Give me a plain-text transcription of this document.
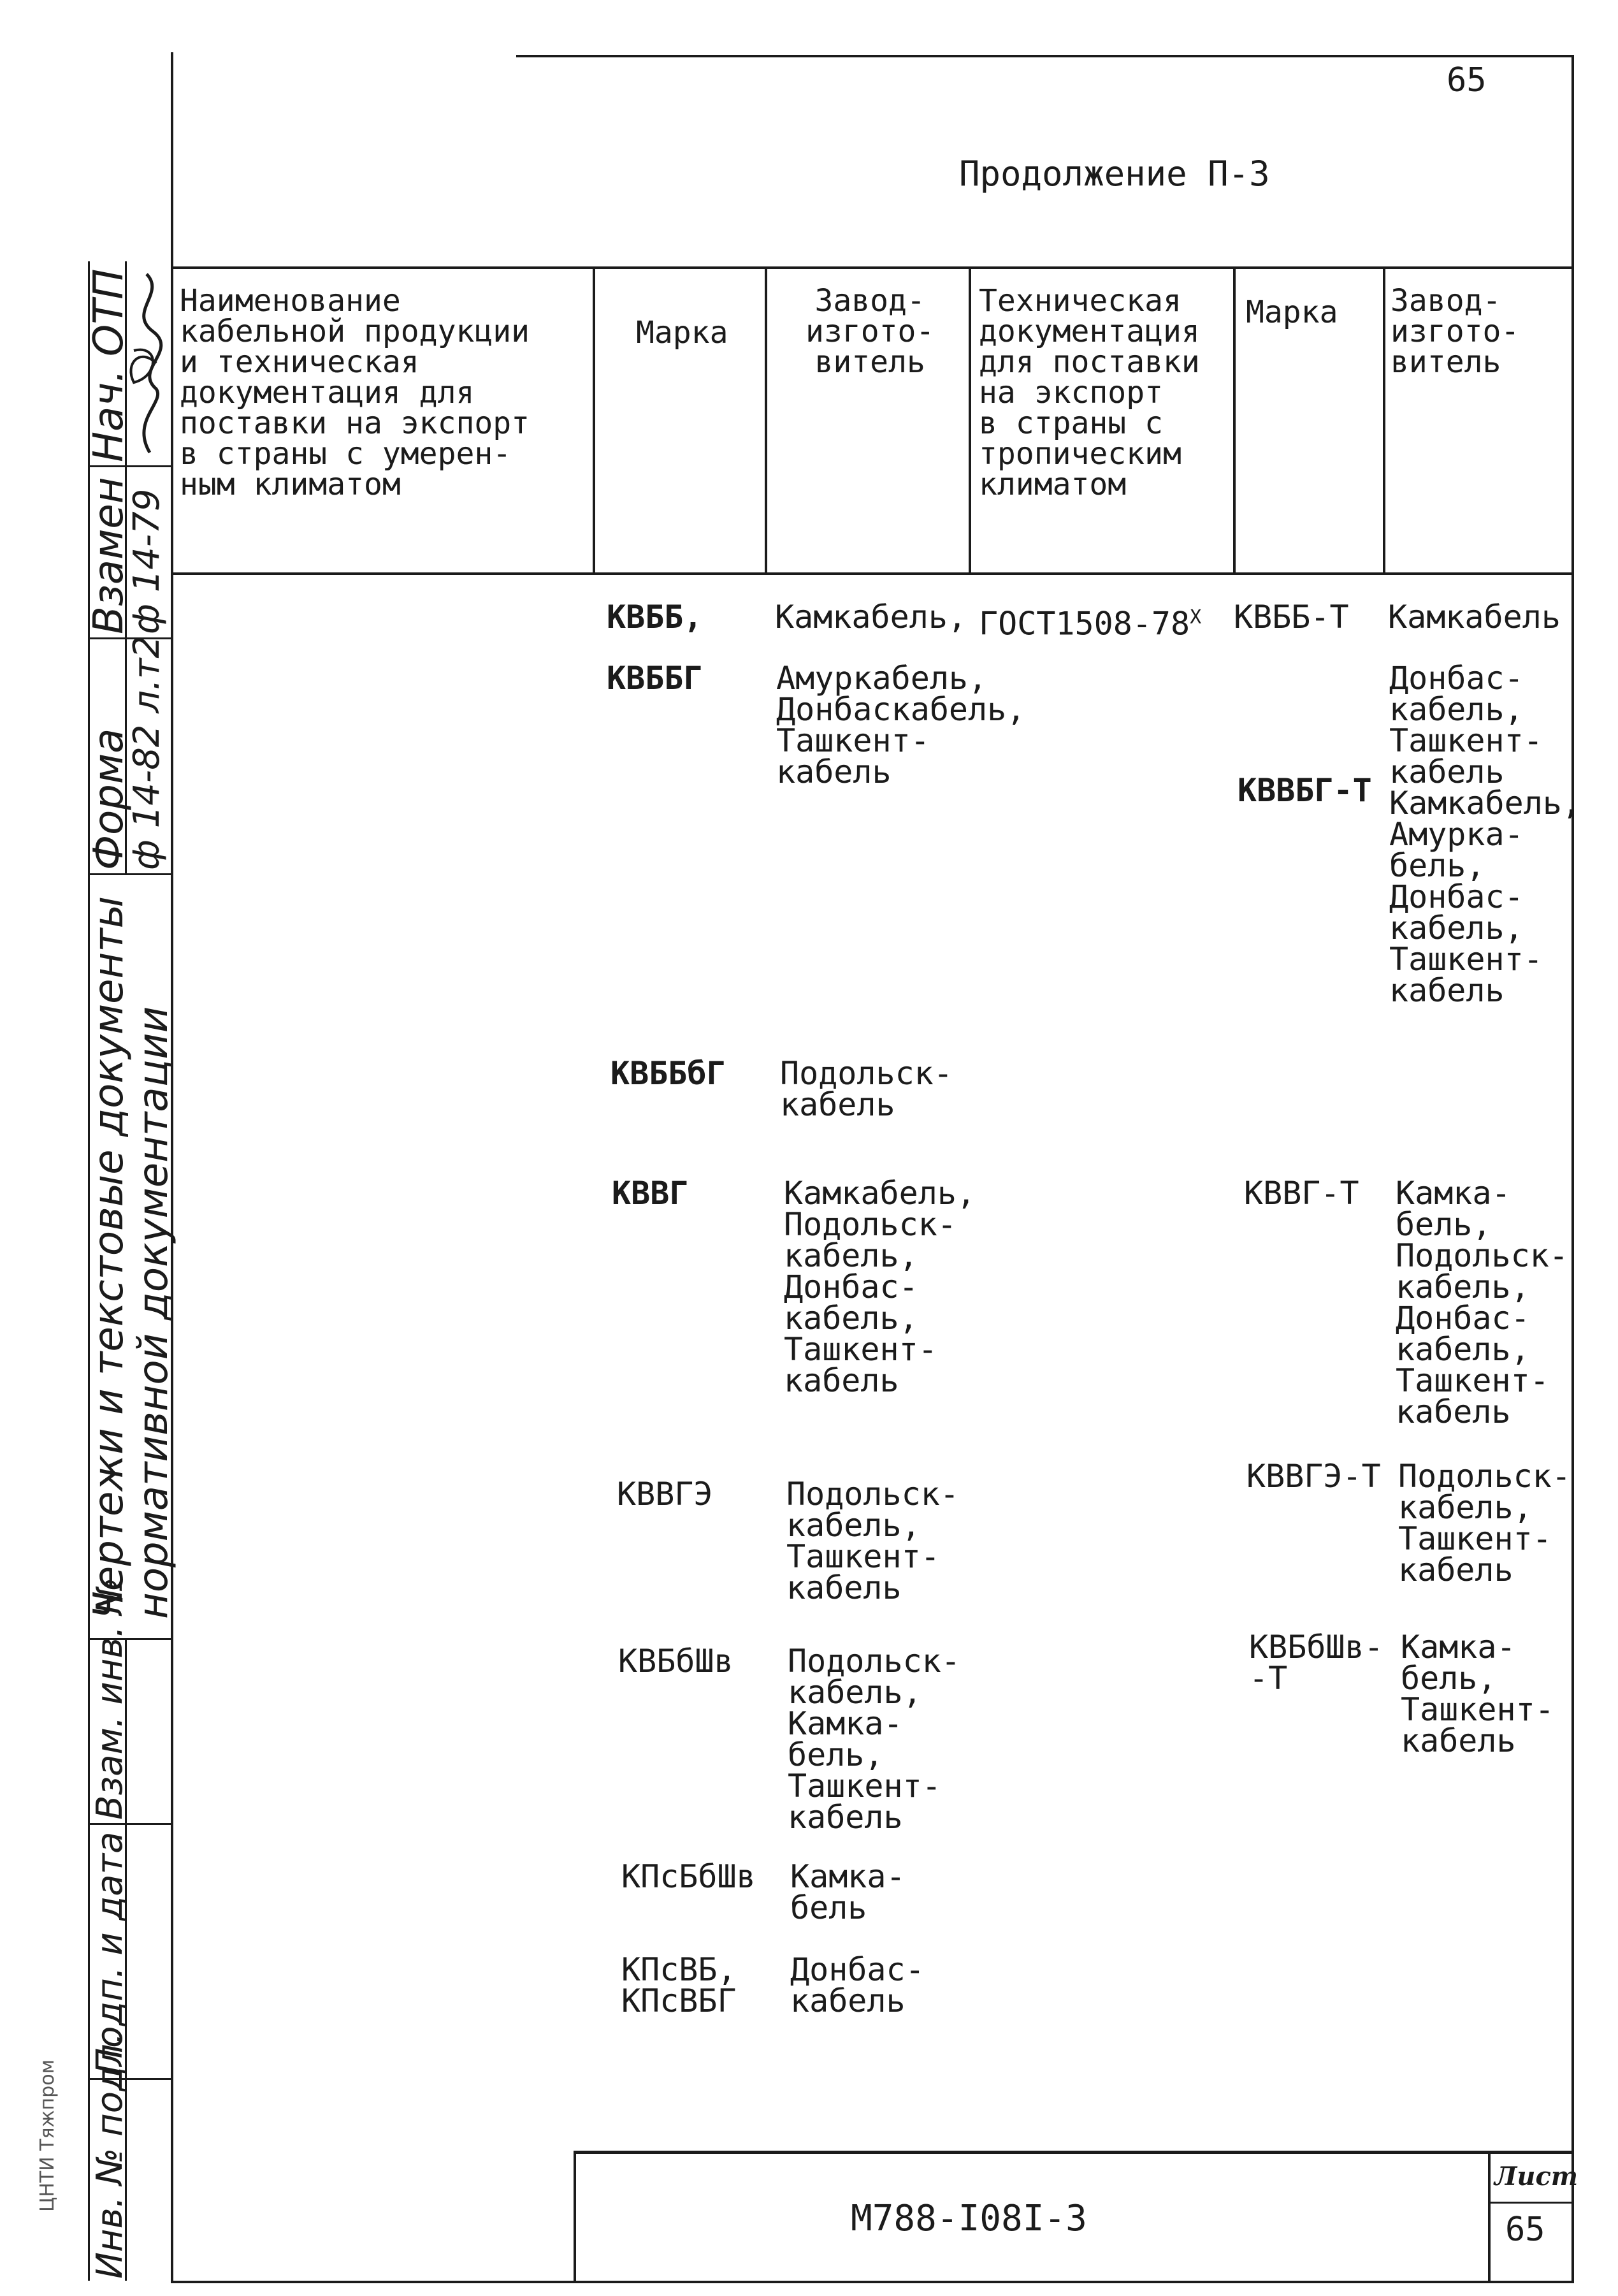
Нач. ОТП
Взамен
Форма
ф 14-79
ф 14-82 л.т2
Чертежи и текстовые документы
нормативной документации
Взам. инв. №
Подп. и дата
Инв. № подл.
ЦНТИ Тяжпром
65
Продолжение П-3
Наименование
кабельной продукции
и техническая
документация для
поставки на экспорт
в страны с умерен-
ным климатом
Марка
Завод-
изгото-
витель
Техническая
документация
для поставки
на экспорт
в страны с
тропическим
климатом
Марка Завод-
изгото-
витель
КВББ, Камкабель, $ГОСТ1508-78^Х$ КВББ-Т Камкабель
КВББГ Амуркабель,
Донбаскабель,
Ташкент-
кабель
Донбас-
кабель,
Ташкент-
кабель
КВВБГ-Т Камкабель,
Амурка-
бель,
Донбас-
кабель,
Ташкент-
кабель
КВББбГ Подольск-
кабель
КВВГ	Камкабель,
Подольск-
кабель,
Донбас-
кабель,
Ташкент-
кабель
КВВГ-Т Камка-
бель,
Подольск-
кабель,
Донбас-
кабель,
Ташкент-
кабель
КВВГЭ Подольск-
кабель,
Ташкент-
кабель
КВВГЭ-Т Подольск-
кабель,
Ташкент-
кабель
КВБбШв Подольск-
кабель,
Камка-
бель,
Ташкент-
кабель
КВБбШв-
-Т
Камка-
бель,
Ташкент-
кабель
КПсБбШв Камка-
бель
КПсВБ,
КПсВБГ
Донбас-
кабель
М788-I08I-3
Лист
65
